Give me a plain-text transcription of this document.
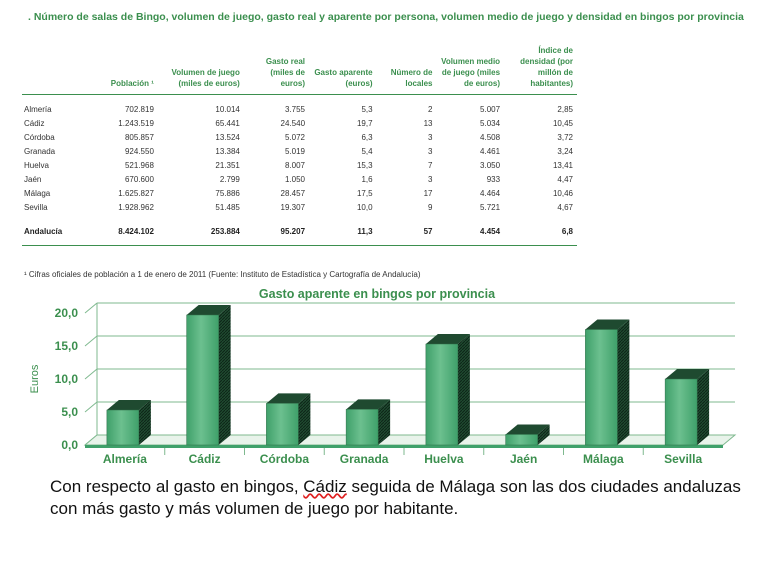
. Número de salas de Bingo, volumen de juego, gasto real y aparente por persona, volumen medio de juego y densidad en bingos por provincia
	Población ¹	Volumen de juego (miles de euros)	Gasto real (miles de euros)	Gasto aparente (euros)	Número de locales	Volumen medio de juego (miles de euros)	Índice de densidad (por millón de habitantes)
Almería	702.819	10.014	3.755	5,3	2	5.007	2,85
Cádiz	1.243.519	65.441	24.540	19,7	13	5.034	10,45
Córdoba	805.857	13.524	5.072	6,3	3	4.508	3,72
Granada	924.550	13.384	5.019	5,4	3	4.461	3,24
Huelva	521.968	21.351	8.007	15,3	7	3.050	13,41
Jaén	670.600	2.799	1.050	1,6	3	933	4,47
Málaga	1.625.827	75.886	28.457	17,5	17	4.464	10,46
Sevilla	1.928.962	51.485	19.307	10,0	9	5.721	4,67
Andalucía	8.424.102	253.884	95.207	11,3	57	4.454	6,8
¹ Cifras oficiales de población a 1 de enero de 2011 (Fuente: Instituto de Estadística y Cartografía de Andalucía)
Gasto aparente en bingos por provincia
0,0
5,0
10,0
15,0
20,0
Euros
Almería	Cádiz	Córdoba	Granada	Huelva	Jaén	Málaga	Sevilla
Con respecto al gasto en bingos, Cádiz seguida de Málaga son las dos ciudades andaluzas con más gasto y más volumen de juego por habitante.
